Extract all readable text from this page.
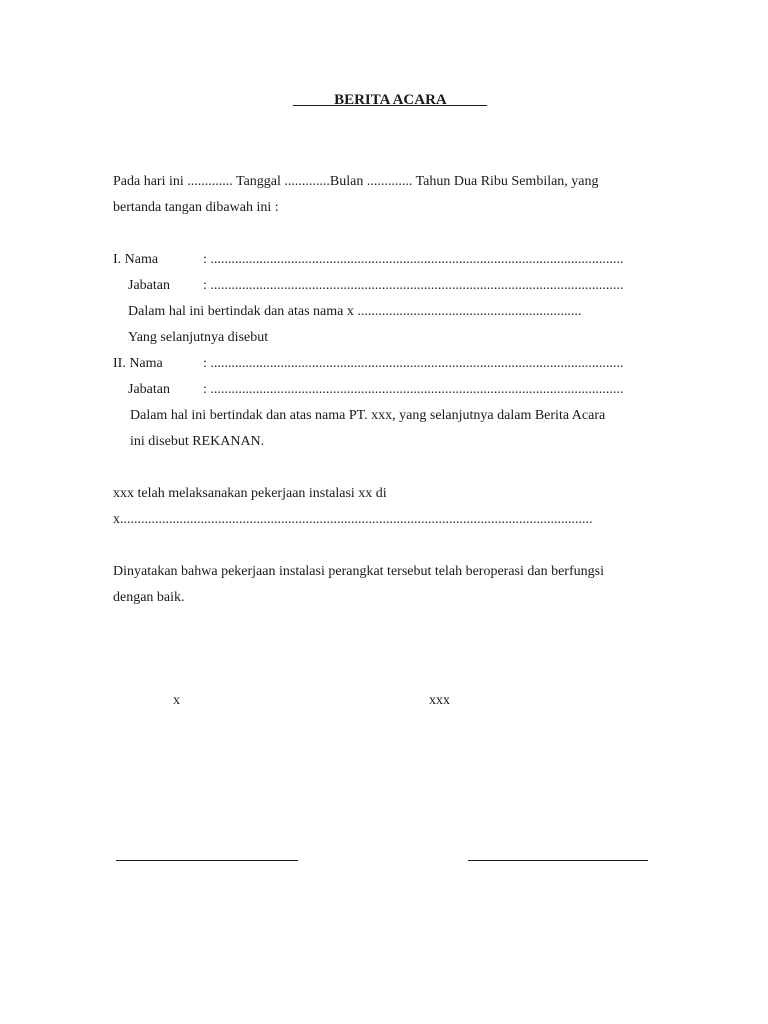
BERITA ACARA
Pada hari ini ............. Tanggal .............Bulan ............. Tahun Dua Ribu Sembilan, yang
bertanda tangan dibawah ini :
I. Nama	: ......................................................................................................................
Jabatan : ......................................................................................................................
Dalam hal ini bertindak dan atas nama x ................................................................
Yang selanjutnya disebut
II. Nama	: ......................................................................................................................
Jabatan : ......................................................................................................................
Dalam hal ini bertindak dan atas nama PT. xxx, yang selanjutnya dalam Berita Acara
ini disebut REKANAN.
xxx telah melaksanakan pekerjaan instalasi xx di
x.......................................................................................................................................
Dinyatakan bahwa pekerjaan instalasi perangkat tersebut telah beroperasi dan berfungsi
dengan baik.
x	xxx
